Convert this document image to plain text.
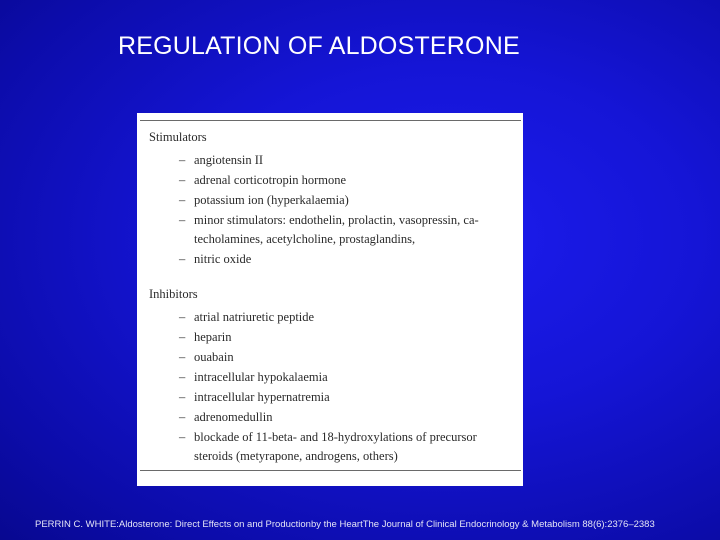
REGULATION OF ALDOSTERONE
Stimulators
– angiotensin II
– adrenal corticotropin hormone
– potassium ion (hyperkalaemia)
– minor stimulators: endothelin, prolactin, vasopressin, ca-
techolamines, acetylcholine, prostaglandins,
– nitric oxide
Inhibitors
– atrial natriuretic peptide
– heparin
– ouabain
– intracellular hypokalaemia
– intracellular hypernatremia
– adrenomedullin
– blockade of 11-beta- and 18-hydroxylations of precursor
steroids (metyrapone, androgens, others)

PERRIN C. WHITE:Aldosterone: Direct Effects on and Productionby the HeartThe Journal of Clinical Endocrinology & Metabolism 88(6):2376–2383
